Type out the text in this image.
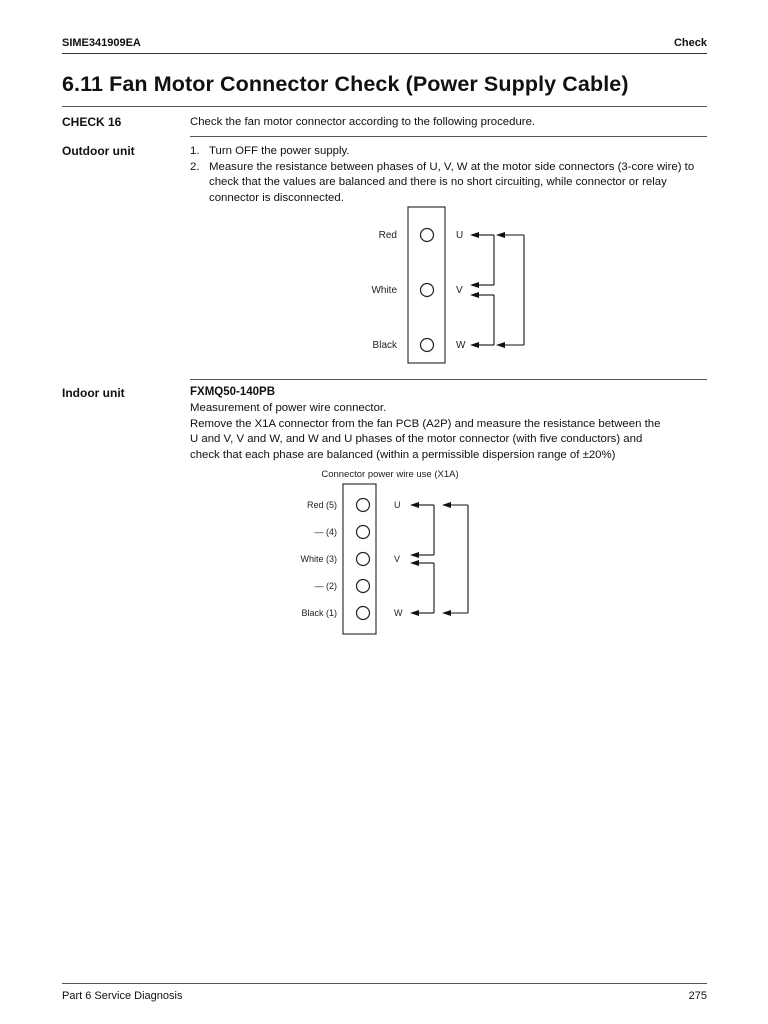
SIME341909EA	Check
6.11 Fan Motor Connector Check (Power Supply Cable)
CHECK 16	Check the fan motor connector according to the following procedure.
Outdoor unit	1. Turn OFF the power supply.
2. Measure the resistance between phases of U, V, W at the motor side connectors (3-core wire) to check that the values are balanced and there is no short circuiting, while connector or relay connector is disconnected.
Red
White
Black
U
V
W
Indoor unit	FXMQ50-140PB
Measurement of power wire connector.
Remove the X1A connector from the fan PCB (A2P) and measure the resistance between the
U and V, V and W, and W and U phases of the motor connector (with five conductors) and
check that each phase are balanced (within a permissible dispersion range of ±20%)
Connector power wire use (X1A)
Red (5)
— (4)
White (3)
— (2)
Black (1)
U
V
W
Part 6 Service Diagnosis	275
